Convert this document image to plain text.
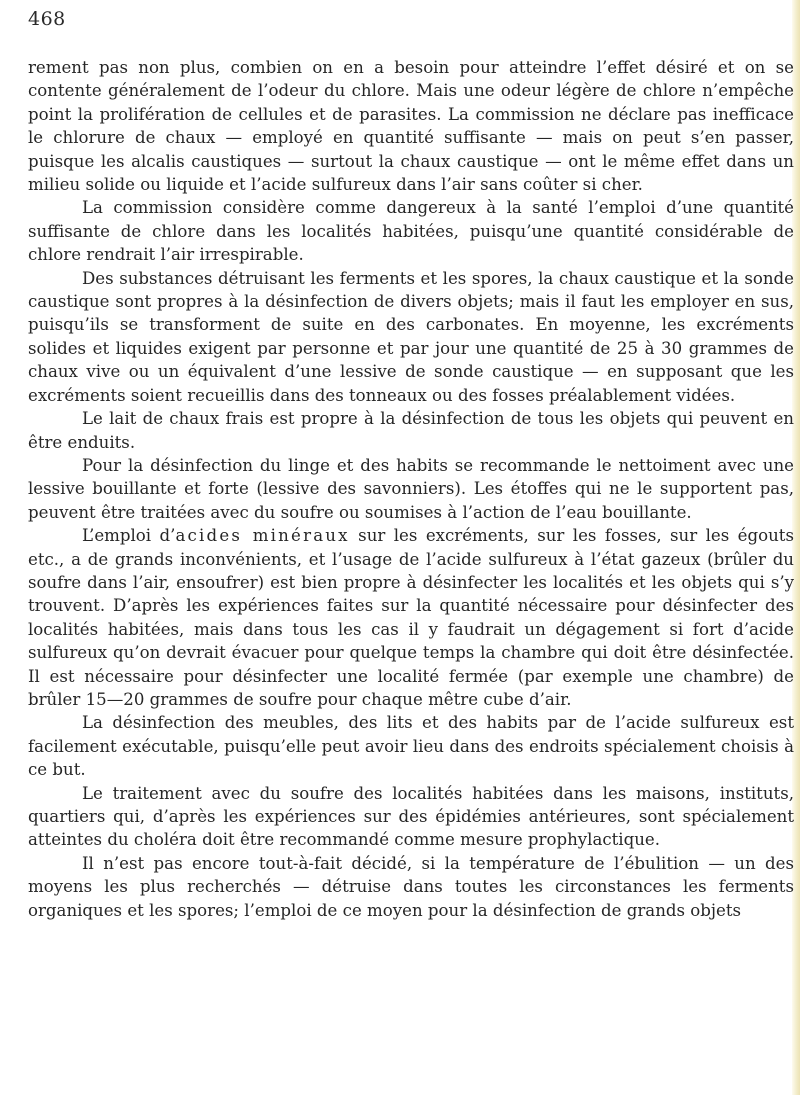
468

rement pas non plus, combien on en a besoin pour atteindre l’effet désiré et on se contente généralement de l’odeur du chlore. Mais une odeur légère de chlore n’empêche point la prolifération de cellules et de parasites. La commission ne déclare pas inefficace le chlorure de chaux — employé en quantité suffisante — mais on peut s’en passer, puisque les alcalis caustiques — surtout la chaux caustique — ont le même effet dans un milieu solide ou liquide et l’acide sulfureux dans l’air sans coûter si cher.

La commission considère comme dangereux à la santé l’emploi d’une quantité suffisante de chlore dans les localités habitées, puisqu’une quantité considérable de chlore rendrait l’air irrespirable.

Des substances détruisant les ferments et les spores, la chaux caustique et la sonde caustique sont propres à la désinfection de divers objets; mais il faut les employer en sus, puisqu’ils se transforment de suite en des carbonates. En moyenne, les excréments solides et liquides exigent par personne et par jour une quantité de 25 à 30 grammes de chaux vive ou un équivalent d’une lessive de sonde caustique — en supposant que les excréments soient recueillis dans des tonneaux ou des fosses préalablement vidées.

Le lait de chaux frais est propre à la désinfection de tous les objets qui peuvent en être enduits.

Pour la désinfection du linge et des habits se recommande le nettoiment avec une lessive bouillante et forte (lessive des savonniers). Les étoffes qui ne le supportent pas, peuvent être traitées avec du soufre ou soumises à l’action de l’eau bouillante.

L’emploi d’acides minéraux sur les excréments, sur les fosses, sur les égouts etc., a de grands inconvénients, et l’usage de l’acide sulfureux à l’état gazeux (brûler du soufre dans l’air, ensoufrer) est bien propre à désinfecter les localités et les objets qui s’y trouvent. D’après les expériences faites sur la quantité nécessaire pour désinfecter des localités habitées, mais dans tous les cas il y faudrait un dégagement si fort d’acide sulfureux qu’on devrait évacuer pour quelque temps la chambre qui doit être désinfectée. Il est nécessaire pour désinfecter une localité fermée (par exemple une chambre) de brûler 15—20 grammes de soufre pour chaque mêtre cube d’air.

La désinfection des meubles, des lits et des habits par de l’acide sulfureux est facilement exécutable, puisqu’elle peut avoir lieu dans des endroits spécialement choisis à ce but.

Le traitement avec du soufre des localités habitées dans les maisons, instituts, quartiers qui, d’après les expériences sur des épidémies antérieures, sont spécialement atteintes du choléra doit être recommandé comme mesure prophylactique.

Il n’est pas encore tout-à-fait décidé, si la température de l’ébulition — un des moyens les plus recherchés — détruise dans toutes les circonstances les ferments organiques et les spores; l’emploi de ce moyen pour la désinfection de grands objets
